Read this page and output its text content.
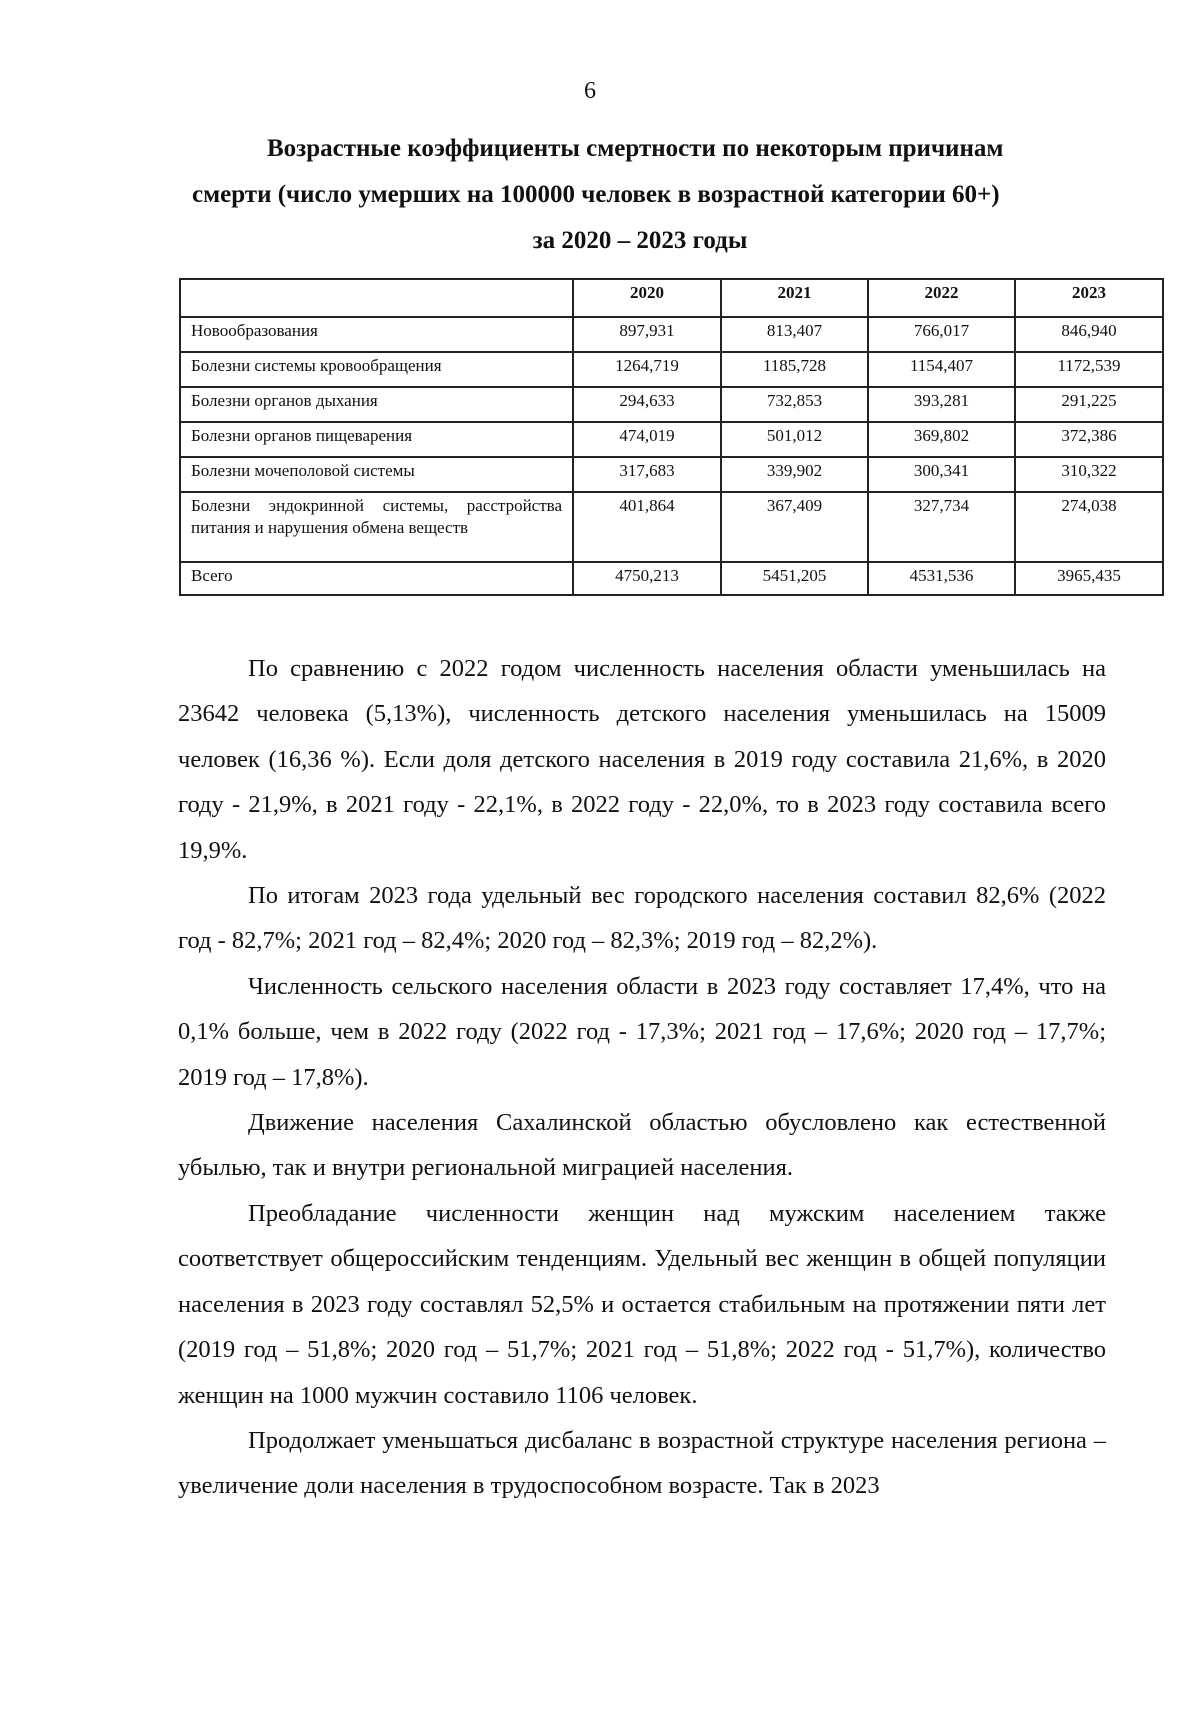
6
Возрастные коэффициенты смертности по некоторым причинам
смерти (число умерших на 100000 человек в возрастной категории 60+)
за 2020 – 2023 годы
	2020	2021	2022	2023
Новообразования	897,931	813,407	766,017	846,940
Болезни системы кровообращения	1264,719	1185,728	1154,407	1172,539
Болезни органов дыхания	294,633	732,853	393,281	291,225
Болезни органов пищеварения	474,019	501,012	369,802	372,386
Болезни мочеполовой системы	317,683	339,902	300,341	310,322
Болезни эндокринной системы, расстройства питания и нарушения обмена веществ	401,864	367,409	327,734	274,038
Всего	4750,213	5451,205	4531,536	3965,435

По сравнению с 2022 годом численность населения области уменьшилась на 23642 человека (5,13%), численность детского населения уменьшилась на 15009 человек (16,36 %). Если доля детского населения в 2019 году составила 21,6%, в 2020 году - 21,9%, в 2021 году - 22,1%, в 2022 году - 22,0%, то в 2023 году составила всего 19,9%.

По итогам 2023 года удельный вес городского населения составил 82,6% (2022 год - 82,7%; 2021 год – 82,4%; 2020 год – 82,3%; 2019 год – 82,2%).

Численность сельского населения области в 2023 году составляет 17,4%, что на 0,1% больше, чем в 2022 году (2022 год - 17,3%; 2021 год – 17,6%; 2020 год – 17,7%; 2019 год – 17,8%).

Движение населения Сахалинской областью обусловлено как естественной убылью, так и внутри региональной миграцией населения.

Преобладание численности женщин над мужским населением также соответствует общероссийским тенденциям. Удельный вес женщин в общей популяции населения в 2023 году составлял 52,5% и остается стабильным на протяжении пяти лет (2019 год – 51,8%; 2020 год – 51,7%; 2021 год – 51,8%; 2022 год - 51,7%), количество женщин на 1000 мужчин составило 1106 человек.

Продолжает уменьшаться дисбаланс в возрастной структуре населения региона – увеличение доли населения в трудоспособном возрасте. Так в 2023
